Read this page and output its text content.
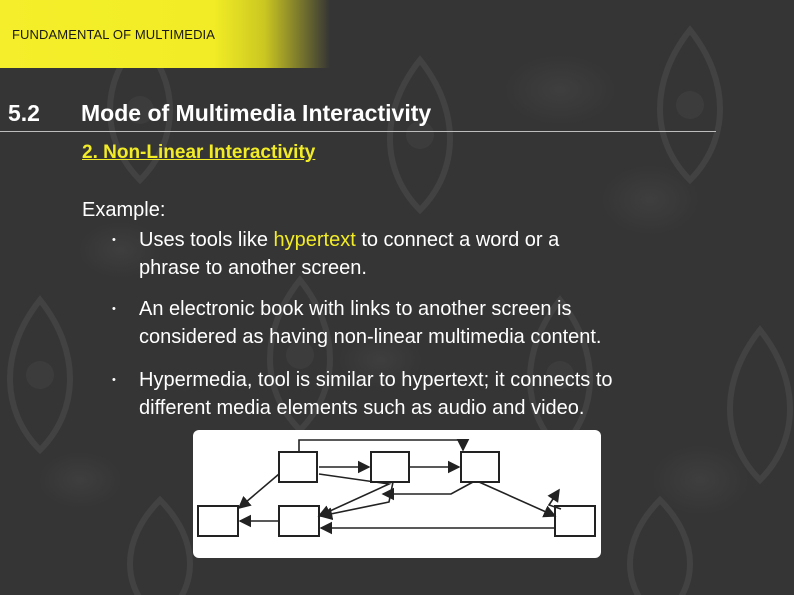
FUNDAMENTAL OF MULTIMEDIA
5.2 Mode of Multimedia Interactivity
2. Non-Linear Interactivity
Example:
• Uses tools like hypertext to connect a word or a
phrase to another screen.
• An electronic book with links to another screen is
considered as having non-linear multimedia content.
• Hypermedia, tool is similar to hypertext; it connects to
different media elements such as audio and video.
